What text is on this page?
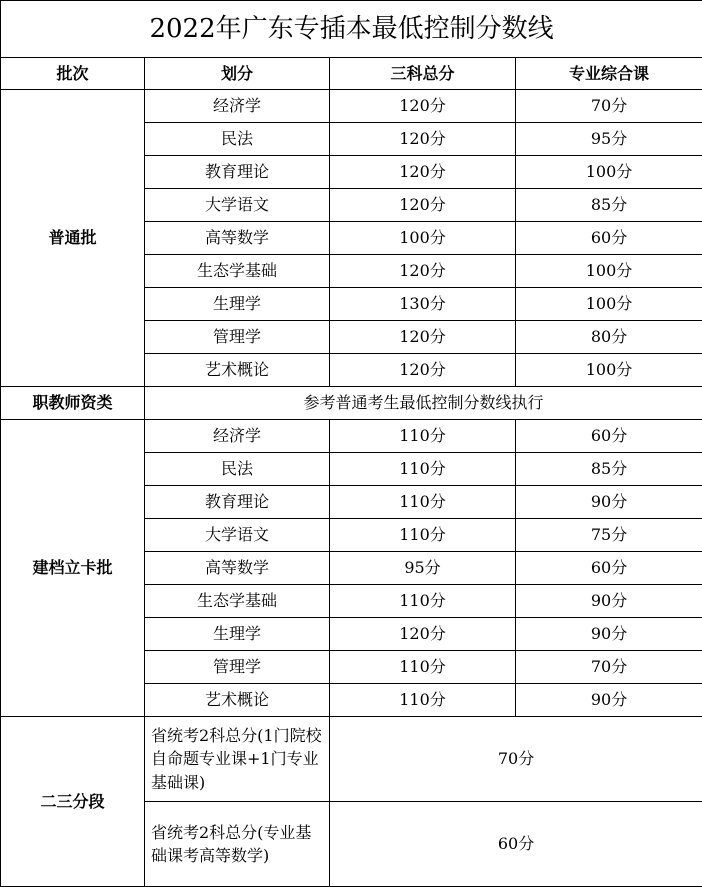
2022年广东专插本最低控制分数线			
批次	划分	三科总分	专业综合课
普通批	经济学	120分	70分
	民法	120分	95分
	教育理论	120分	100分
	大学语文	120分	85分
	高等数学	100分	60分
	生态学基础	120分	100分
	生理学	130分	100分
	管理学	120分	80分
	艺术概论	120分	100分
职教师资类	参考普通考生最低控制分数线执行		
建档立卡批	经济学	110分	60分
	民法	110分	85分
	教育理论	110分	90分
	大学语文	110分	75分
	高等数学	95分	60分
	生态学基础	110分	90分
	生理学	120分	90分
	管理学	110分	70分
	艺术概论	110分	90分
二三分段	省统考2科总分(1门院校自命题专业课+1门专业基础课)	70分	
	省统考2科总分(专业基础课考高等数学)	60分	
